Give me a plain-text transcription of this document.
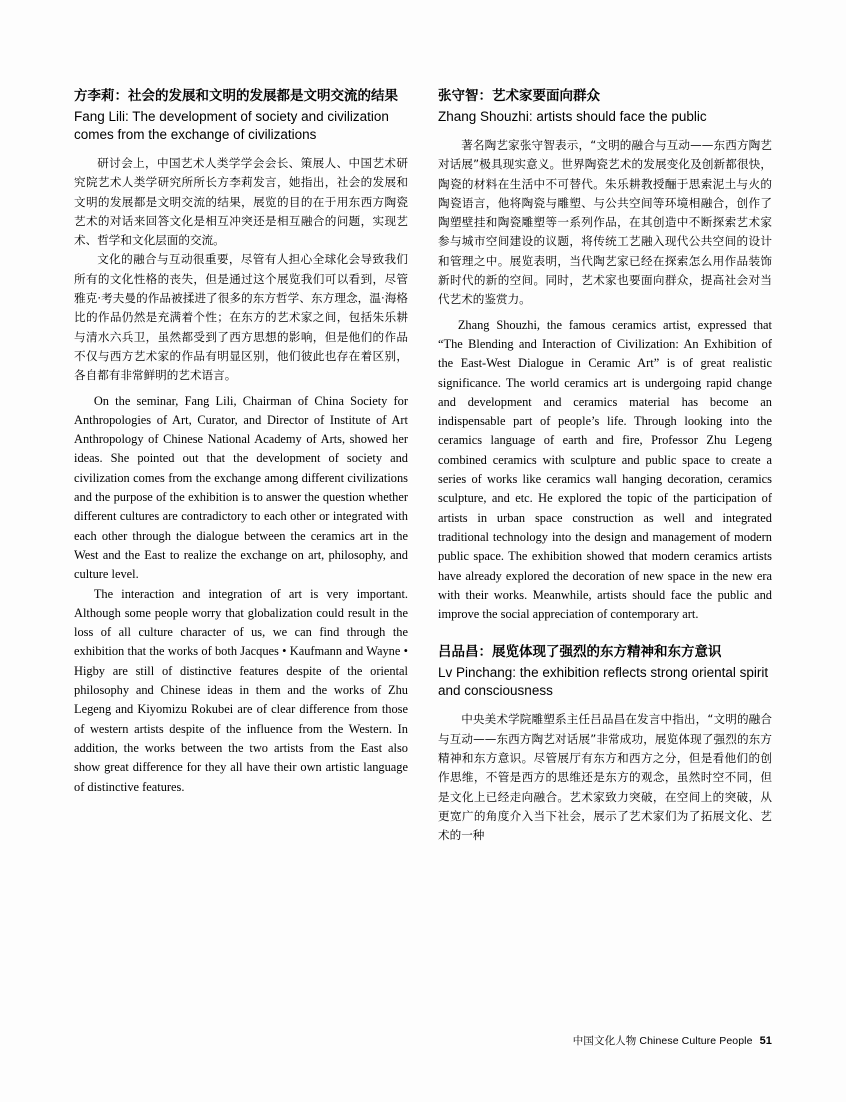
方李莉：社会的发展和文明的发展都是文明交流的结果
Fang Lili: The development of society and civilization comes from the exchange of civilizations

研讨会上，中国艺术人类学学会会长、策展人、中国艺术研究院艺术人类学研究所所长方李莉发言，她指出，社会的发展和文明的发展都是文明交流的结果，展览的目的在于用东西方陶瓷艺术的对话来回答文化是相互冲突还是相互融合的问题，实现艺术、哲学和文化层面的交流。

文化的融合与互动很重要，尽管有人担心全球化会导致我们所有的文化性格的丧失，但是通过这个展览我们可以看到，尽管雅克·考夫曼的作品被揉进了很多的东方哲学、东方理念，温·海格比的作品仍然是充满着个性；在东方的艺术家之间，包括朱乐耕与清水六兵卫，虽然都受到了西方思想的影响，但是他们的作品不仅与西方艺术家的作品有明显区别，他们彼此也存在着区别，各自都有非常鲜明的艺术语言。

On the seminar, Fang Lili, Chairman of China Society for Anthropologies of Art, Curator, and Director of Institute of Art Anthropology of Chinese National Academy of Arts, showed her ideas. She pointed out that the development of society and civilization comes from the exchange among different civilizations and the purpose of the exhibition is to answer the question whether different cultures are contradictory to each other or integrated with each other through the dialogue between the ceramics art in the West and the East to realize the exchange on art, philosophy, and culture level.

The interaction and integration of art is very important. Although some people worry that globalization could result in the loss of all culture character of us, we can find through the exhibition that the works of both Jacques • Kaufmann and Wayne • Higby are still of distinctive features despite of the oriental philosophy and Chinese ideas in them and the works of Zhu Legeng and Kiyomizu Rokubei are of clear difference from those of western artists despite of the influence from the Western. In addition, the works between the two artists from the East also show great difference for they all have their own artistic language of distinctive features.

张守智：艺术家要面向群众
Zhang Shouzhi: artists should face the public

著名陶艺家张守智表示，“文明的融合与互动——东西方陶艺对话展”极具现实意义。世界陶瓷艺术的发展变化及创新都很快，陶瓷的材料在生活中不可替代。朱乐耕教授酾于思索泥土与火的陶瓷语言，他将陶瓷与雕塑、与公共空间等环境相融合，创作了陶塑壁挂和陶瓷雕塑等一系列作品，在其创造中不断探索艺术家参与城市空间建设的议题，将传统工艺融入现代公共空间的设计和管理之中。展览表明，当代陶艺家已经在探索怎么用作品装饰新时代的新的空间。同时，艺术家也要面向群众，提高社会对当代艺术的鉴赏力。

Zhang Shouzhi, the famous ceramics artist, expressed that “The Blending and Interaction of Civilization: An Exhibition of the East-West Dialogue in Ceramic Art” is of great realistic significance. The world ceramics art is undergoing rapid change and development and ceramics material has become an indispensable part of people’s life. Through looking into the ceramics language of earth and fire, Professor Zhu Legeng combined ceramics with sculpture and public space to create a series of works like ceramics wall hanging decoration, ceramics sculpture, and etc. He explored the topic of the participation of artists in urban space construction as well and integrated traditional technology into the design and management of modern public space. The exhibition showed that modern ceramics artists have already explored the decoration of new space in the new era with their works. Meanwhile, artists should face the public and improve the social appreciation of contemporary art.

吕品昌：展览体现了强烈的东方精神和东方意识
Lv Pinchang: the exhibition reflects strong oriental spirit and consciousness

中央美术学院雕塑系主任吕品昌在发言中指出，“文明的融合与互动——东西方陶艺对话展”非常成功，展览体现了强烈的东方精神和东方意识。尽管展厅有东方和西方之分，但是看他们的创作思维，不管是西方的思维还是东方的观念，虽然时空不同，但是文化上已经走向融合。艺术家致力突破，在空间上的突破，从更宽广的角度介入当下社会，展示了艺术家们为了拓展文化、艺术的一种

中国文化人物 Chinese Culture People 51
